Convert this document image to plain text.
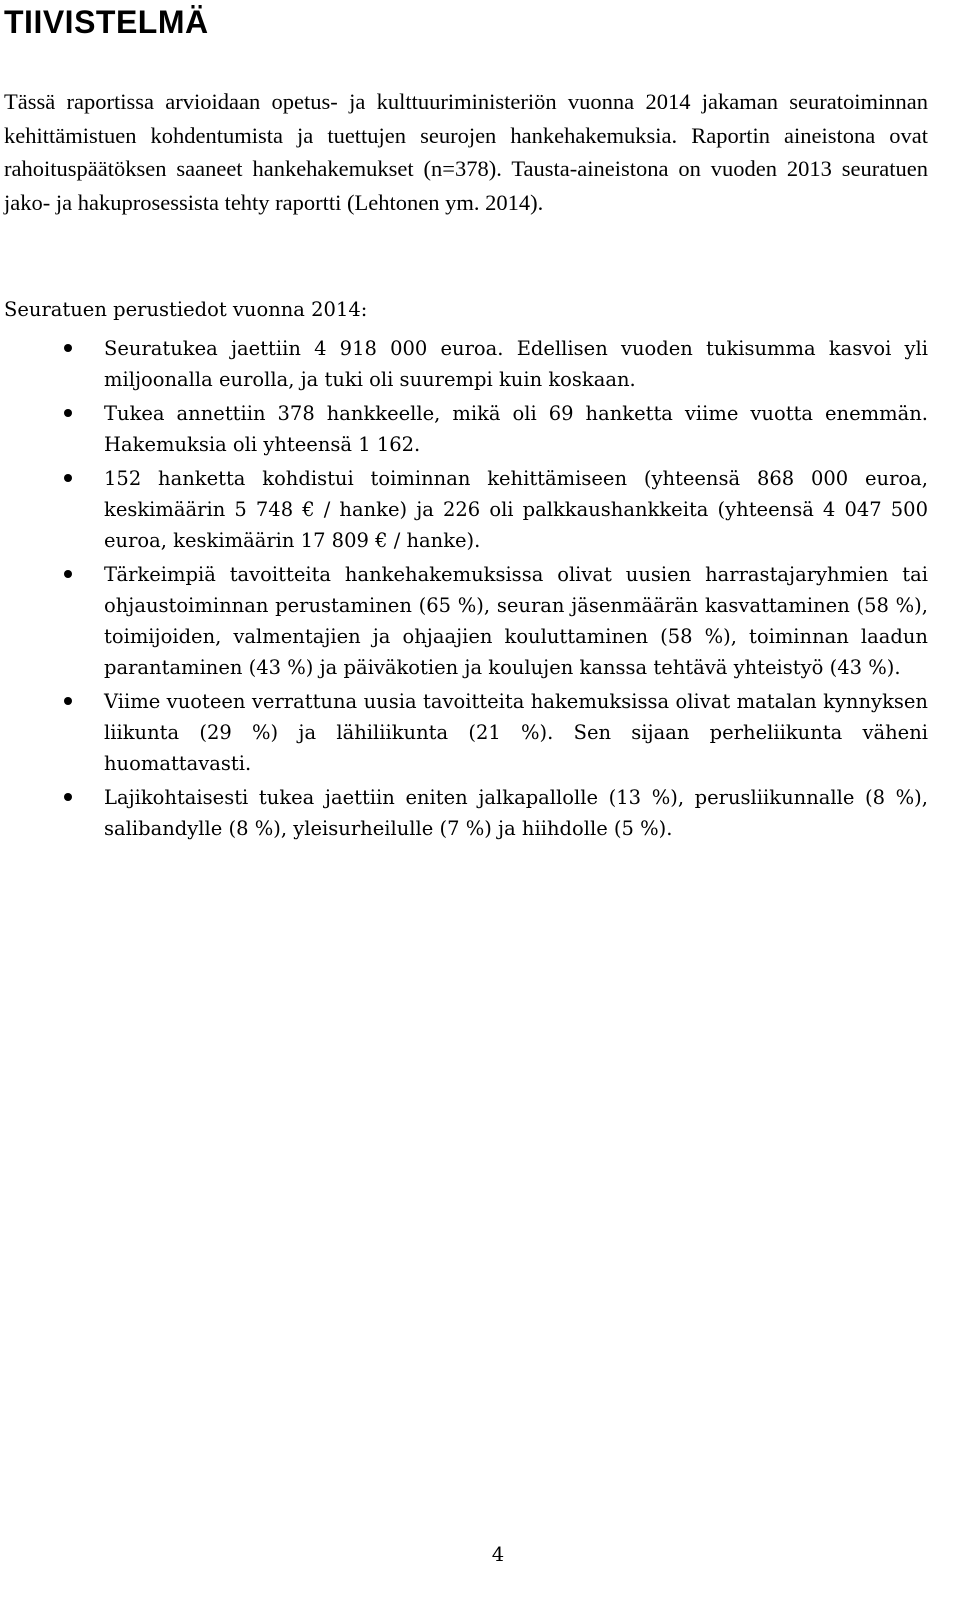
TIIVISTELMÄ

Tässä raportissa arvioidaan opetus- ja kulttuuriministeriön vuonna 2014 jakaman seuratoiminnan kehittämistuen kohdentumista ja tuettujen seurojen hankehakemuksia. Raportin aineistona ovat rahoituspäätöksen saaneet hankehakemukset (n=378). Tausta-aineistona on vuoden 2013 seuratuen jako- ja hakuprosessista tehty raportti (Lehtonen ym. 2014).

Seuratuen perustiedot vuonna 2014:

Seuratukea jaettiin 4 918 000 euroa. Edellisen vuoden tukisumma kasvoi yli miljoonalla eurolla, ja tuki oli suurempi kuin koskaan.
Tukea annettiin 378 hankkeelle, mikä oli 69 hanketta viime vuotta enemmän. Hakemuksia oli yhteensä 1 162.
152 hanketta kohdistui toiminnan kehittämiseen (yhteensä 868 000 euroa, keskimäärin 5 748 € / hanke) ja 226 oli palkkaushankkeita (yhteensä 4 047 500 euroa, keskimäärin 17 809 € / hanke).
Tärkeimpiä tavoitteita hankehakemuksissa olivat uusien harrastajaryhmien tai ohjaustoiminnan perustaminen (65 %), seuran jäsenmäärän kasvattaminen (58 %), toimijoiden, valmentajien ja ohjaajien kouluttaminen (58 %), toiminnan laadun parantaminen (43 %) ja päiväkotien ja koulujen kanssa tehtävä yhteistyö (43 %).
Viime vuoteen verrattuna uusia tavoitteita hakemuksissa olivat matalan kynnyksen liikunta (29 %) ja lähiliikunta (21 %). Sen sijaan perheliikunta väheni huomattavasti.
Lajikohtaisesti tukea jaettiin eniten jalkapallolle (13 %), perusliikunnalle (8 %), salibandylle (8 %), yleisurheilulle (7 %) ja hiihdolle (5 %).

4
